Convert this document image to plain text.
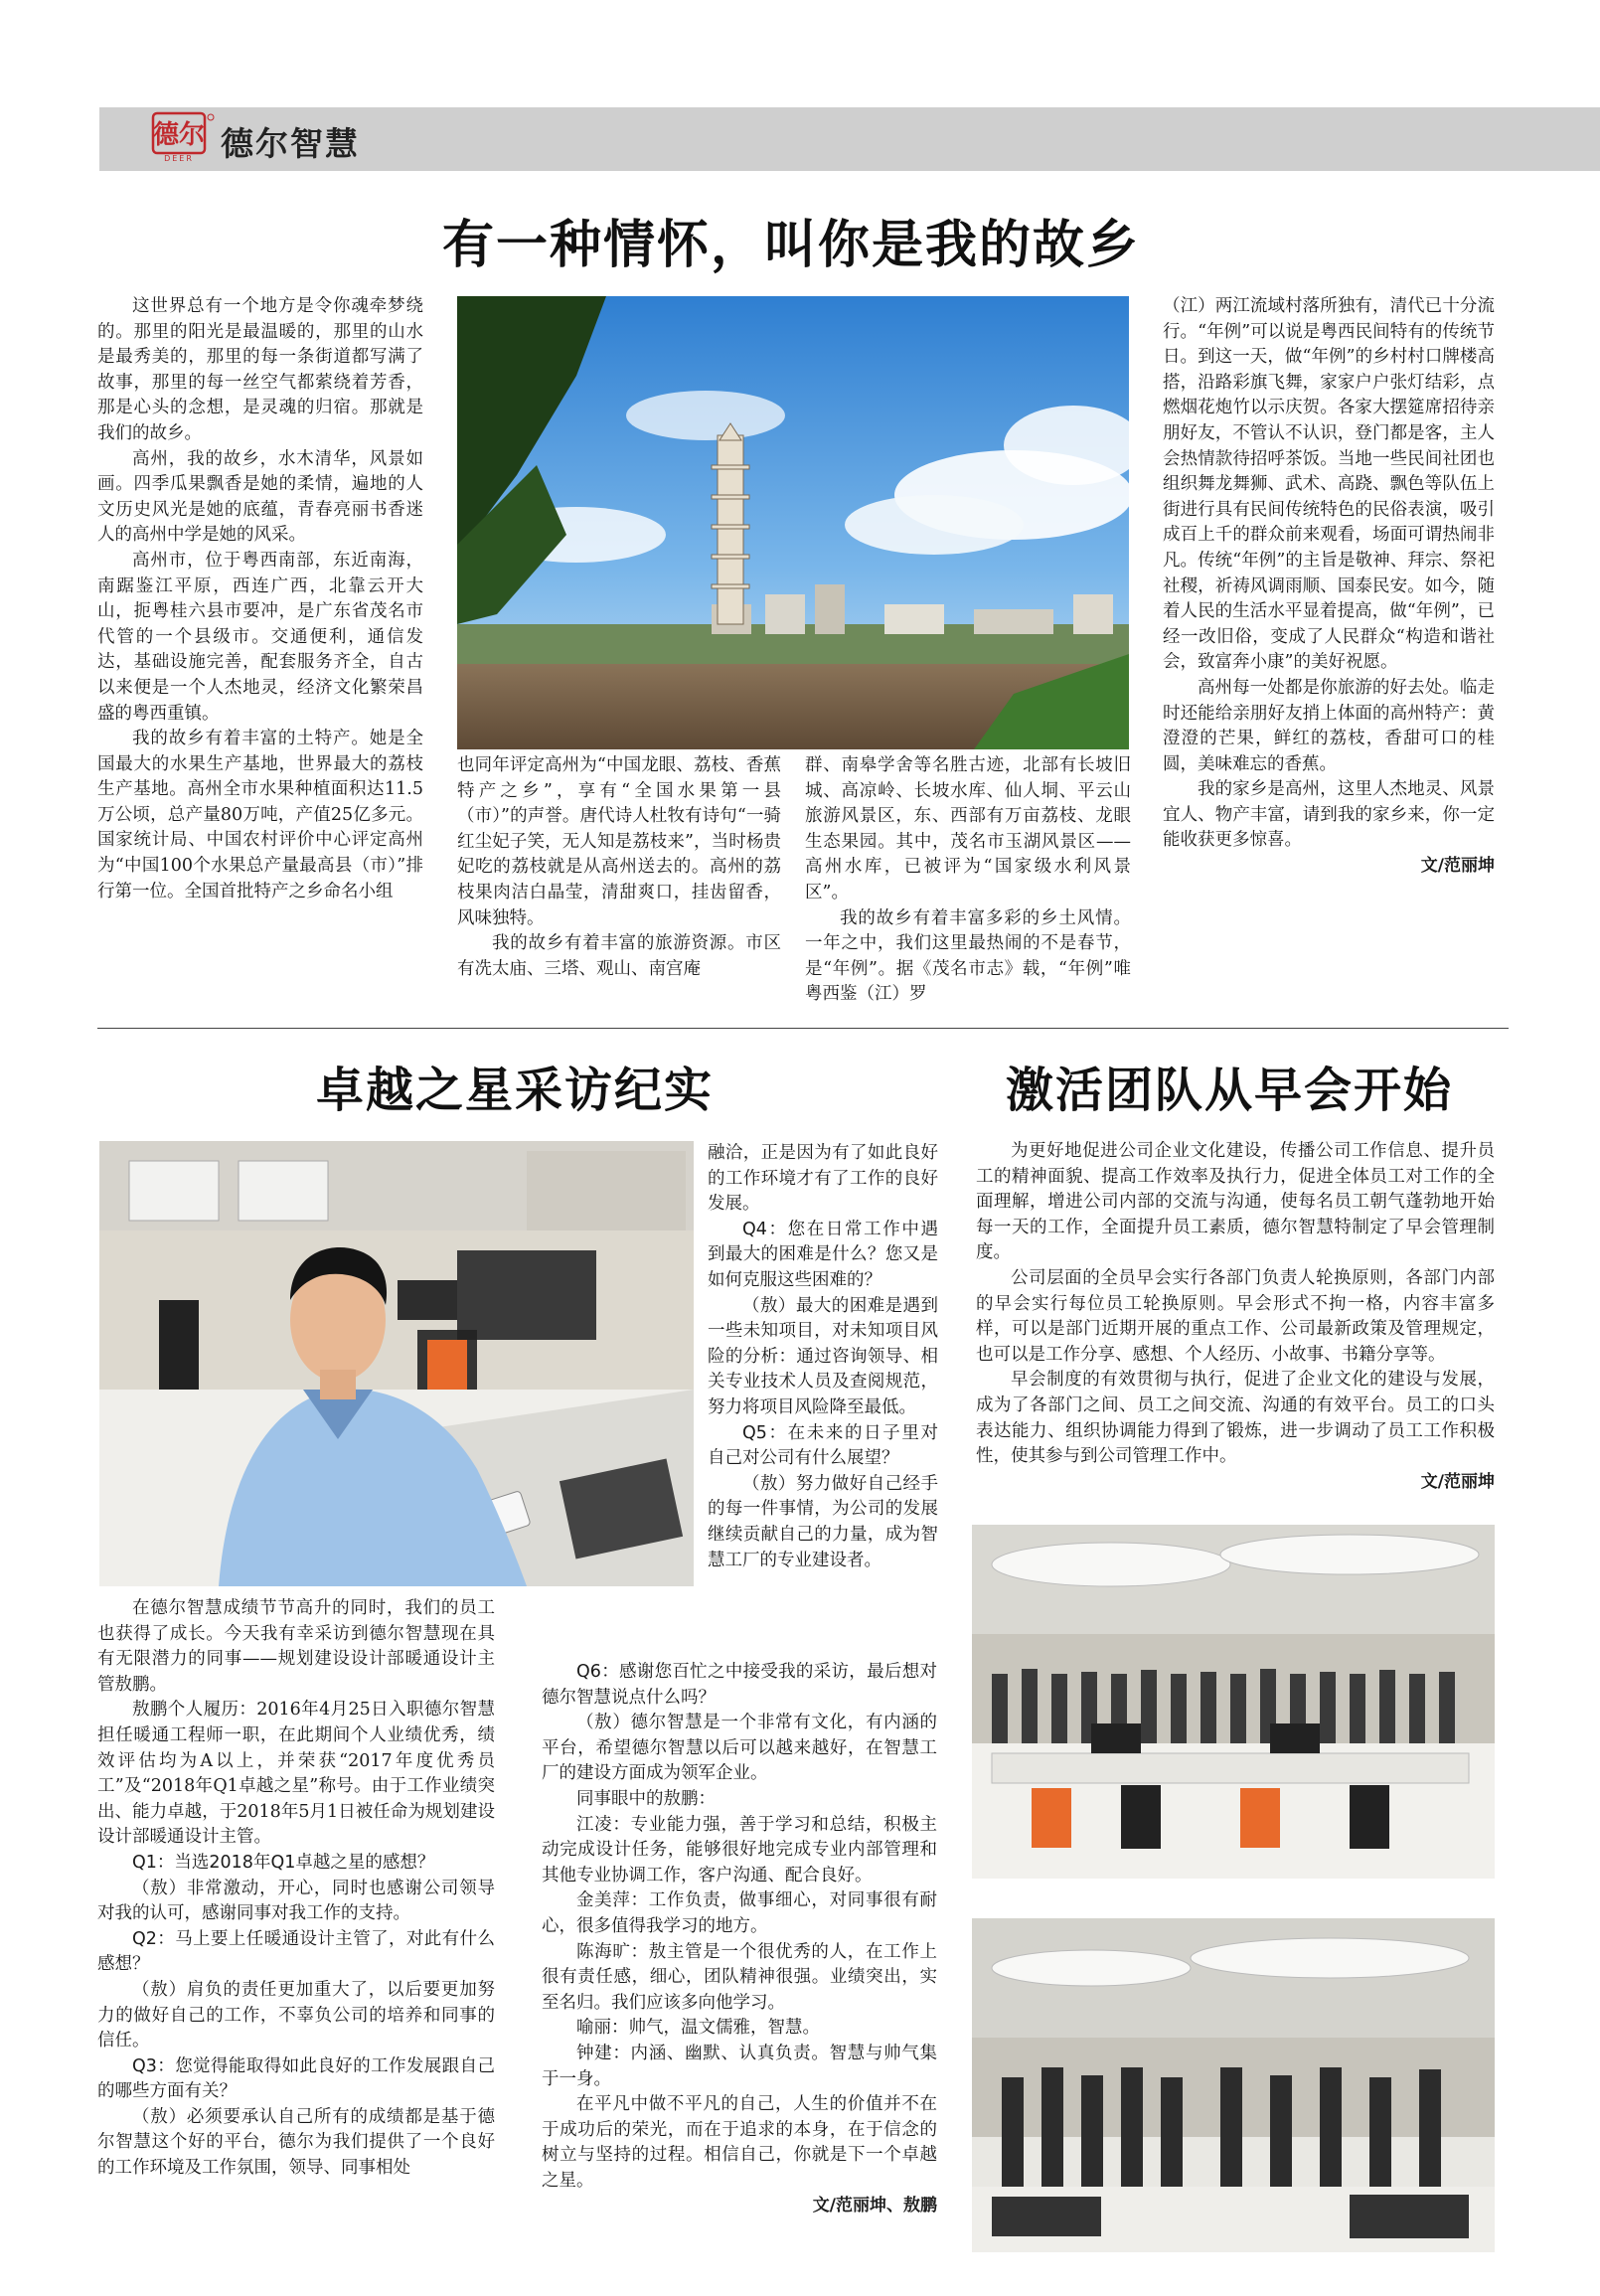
德尔
DEER 德尔智慧
有一种情怀，叫你是我的故乡

这世界总有一个地方是令你魂牵梦绕的。那里的阳光是最温暖的，那里的山水是最秀美的，那里的每一条街道都写满了故事，那里的每一丝空气都萦绕着芳香，那是心头的念想，是灵魂的归宿。那就是我们的故乡。

高州，我的故乡，水木清华，风景如画。四季瓜果飘香是她的柔情，遍地的人文历史风光是她的底蕴，青春亮丽书香迷人的高州中学是她的风采。

高州市，位于粤西南部，东近南海，南踞鉴江平原，西连广西，北靠云开大山，扼粤桂六县市要冲，是广东省茂名市代管的一个县级市。交通便利，通信发达，基础设施完善，配套服务齐全，自古以来便是一个人杰地灵，经济文化繁荣昌盛的粤西重镇。

我的故乡有着丰富的土特产。她是全国最大的水果生产基地，世界最大的荔枝生产基地。高州全市水果种植面积达11.5万公顷，总产量80万吨，产值25亿多元。国家统计局、中国农村评价中心评定高州为“中国100个水果总产量最高县（市）”排行第一位。全国首批特产之乡命名小组

也同年评定高州为“中国龙眼、荔枝、香蕉特产之乡”，享有“全国水果第一县（市）”的声誉。唐代诗人杜牧有诗句“一骑红尘妃子笑，无人知是荔枝来”，当时杨贵妃吃的荔枝就是从高州送去的。高州的荔枝果肉洁白晶莹，清甜爽口，挂齿留香，风味独特。

我的故乡有着丰富的旅游资源。市区有冼太庙、三塔、观山、南宫庵

群、南皋学舍等名胜古迹，北部有长坡旧城、高凉岭、长坡水库、仙人垌、平云山旅游风景区，东、西部有万亩荔枝、龙眼生态果园。其中，茂名市玉湖风景区——高州水库，已被评为“国家级水利风景区”。

我的故乡有着丰富多彩的乡土风情。一年之中，我们这里最热闹的不是春节，是“年例”。据《茂名市志》载，“年例”唯粤西鉴（江）罗

（江）两江流域村落所独有，清代已十分流行。“年例”可以说是粤西民间特有的传统节日。到这一天，做“年例”的乡村村口牌楼高搭，沿路彩旗飞舞，家家户户张灯结彩，点燃烟花炮竹以示庆贺。各家大摆筵席招待亲朋好友，不管认不认识，登门都是客，主人会热情款待招呼茶饭。当地一些民间社团也组织舞龙舞狮、武术、高跷、飘色等队伍上街进行具有民间传统特色的民俗表演，吸引成百上千的群众前来观看，场面可谓热闹非凡。传统“年例”的主旨是敬神、拜宗、祭祀社稷，祈祷风调雨顺、国泰民安。如今，随着人民的生活水平显着提高，做“年例”，已经一改旧俗，变成了人民群众“构造和谐社会，致富奔小康”的美好祝愿。

高州每一处都是你旅游的好去处。临走时还能给亲朋好友捎上体面的高州特产：黄澄澄的芒果，鲜红的荔枝，香甜可口的桂圆，美味难忘的香蕉。

我的家乡是高州，这里人杰地灵、风景宜人、物产丰富，请到我的家乡来，你一定能收获更多惊喜。

文/范丽坤

卓越之星采访纪实

融洽，正是因为有了如此良好的工作环境才有了工作的良好发展。

Q4：您在日常工作中遇到最大的困难是什么？您又是如何克服这些困难的？

（敖）最大的困难是遇到一些未知项目，对未知项目风险的分析：通过咨询领导、相关专业技术人员及查阅规范，努力将项目风险降至最低。

Q5：在未来的日子里对自己对公司有什么展望？

（敖）努力做好自己经手的每一件事情，为公司的发展继续贡献自己的力量，成为智慧工厂的专业建设者。

Q6：感谢您百忙之中接受我的采访，最后想对德尔智慧说点什么吗？

（敖）德尔智慧是一个非常有文化，有内涵的平台，希望德尔智慧以后可以越来越好，在智慧工厂的建设方面成为领军企业。

同事眼中的敖鹏：

江凌：专业能力强，善于学习和总结，积极主动完成设计任务，能够很好地完成专业内部管理和其他专业协调工作，客户沟通、配合良好。

金美萍：工作负责，做事细心，对同事很有耐心，很多值得我学习的地方。

陈海旷：敖主管是一个很优秀的人，在工作上很有责任感，细心，团队精神很强。业绩突出，实至名归。我们应该多向他学习。

喻丽：帅气，温文儒雅，智慧。

钟建：内涵、幽默、认真负责。智慧与帅气集于一身。

在平凡中做不平凡的自己，人生的价值并不在于成功后的荣光，而在于追求的本身，在于信念的树立与坚持的过程。相信自己，你就是下一个卓越之星。

文/范丽坤、敖鹏

在德尔智慧成绩节节高升的同时，我们的员工也获得了成长。今天我有幸采访到德尔智慧现在具有无限潜力的同事——规划建设设计部暖通设计主管敖鹏。

敖鹏个人履历：2016年4月25日入职德尔智慧担任暖通工程师一职，在此期间个人业绩优秀，绩效评估均为A以上，并荣获“2017年度优秀员工”及“2018年Q1卓越之星”称号。由于工作业绩突出、能力卓越，于2018年5月1日被任命为规划建设设计部暖通设计主管。

Q1：当选2018年Q1卓越之星的感想？

（敖）非常激动，开心，同时也感谢公司领导对我的认可，感谢同事对我工作的支持。

Q2：马上要上任暖通设计主管了，对此有什么感想？

（敖）肩负的责任更加重大了，以后要更加努力的做好自己的工作，不辜负公司的培养和同事的信任。

Q3：您觉得能取得如此良好的工作发展跟自己的哪些方面有关？

（敖）必须要承认自己所有的成绩都是基于德尔智慧这个好的平台，德尔为我们提供了一个良好的工作环境及工作氛围，领导、同事相处

激活团队从早会开始

为更好地促进公司企业文化建设，传播公司工作信息、提升员工的精神面貌、提高工作效率及执行力，促进全体员工对工作的全面理解，增进公司内部的交流与沟通，使每名员工朝气蓬勃地开始每一天的工作，全面提升员工素质，德尔智慧特制定了早会管理制度。

公司层面的全员早会实行各部门负责人轮换原则，各部门内部的早会实行每位员工轮换原则。早会形式不拘一格，内容丰富多样，可以是部门近期开展的重点工作、公司最新政策及管理规定，也可以是工作分享、感想、个人经历、小故事、书籍分享等。

早会制度的有效贯彻与执行，促进了企业文化的建设与发展，成为了各部门之间、员工之间交流、沟通的有效平台。员工的口头表达能力、组织协调能力得到了锻炼，进一步调动了员工工作积极性，使其参与到公司管理工作中。

文/范丽坤
